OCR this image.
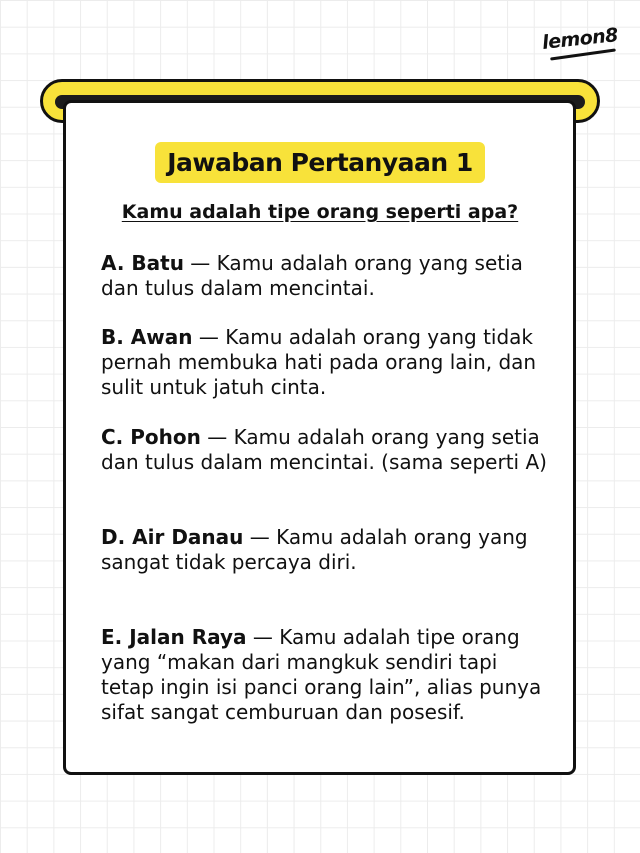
lemon8
Jawaban Pertanyaan 1
Kamu adalah tipe orang seperti apa?
A. Batu — Kamu adalah orang yang setia dan tulus dalam mencintai.
B. Awan — Kamu adalah orang yang tidak pernah membuka hati pada orang lain, dan sulit untuk jatuh cinta.
C. Pohon — Kamu adalah orang yang setia dan tulus dalam mencintai. (sama seperti A)
D. Air Danau — Kamu adalah orang yang sangat tidak percaya diri.
E. Jalan Raya — Kamu adalah tipe orang yang “makan dari mangkuk sendiri tapi tetap ingin isi panci orang lain”, alias punya sifat sangat cemburuan dan posesif.
